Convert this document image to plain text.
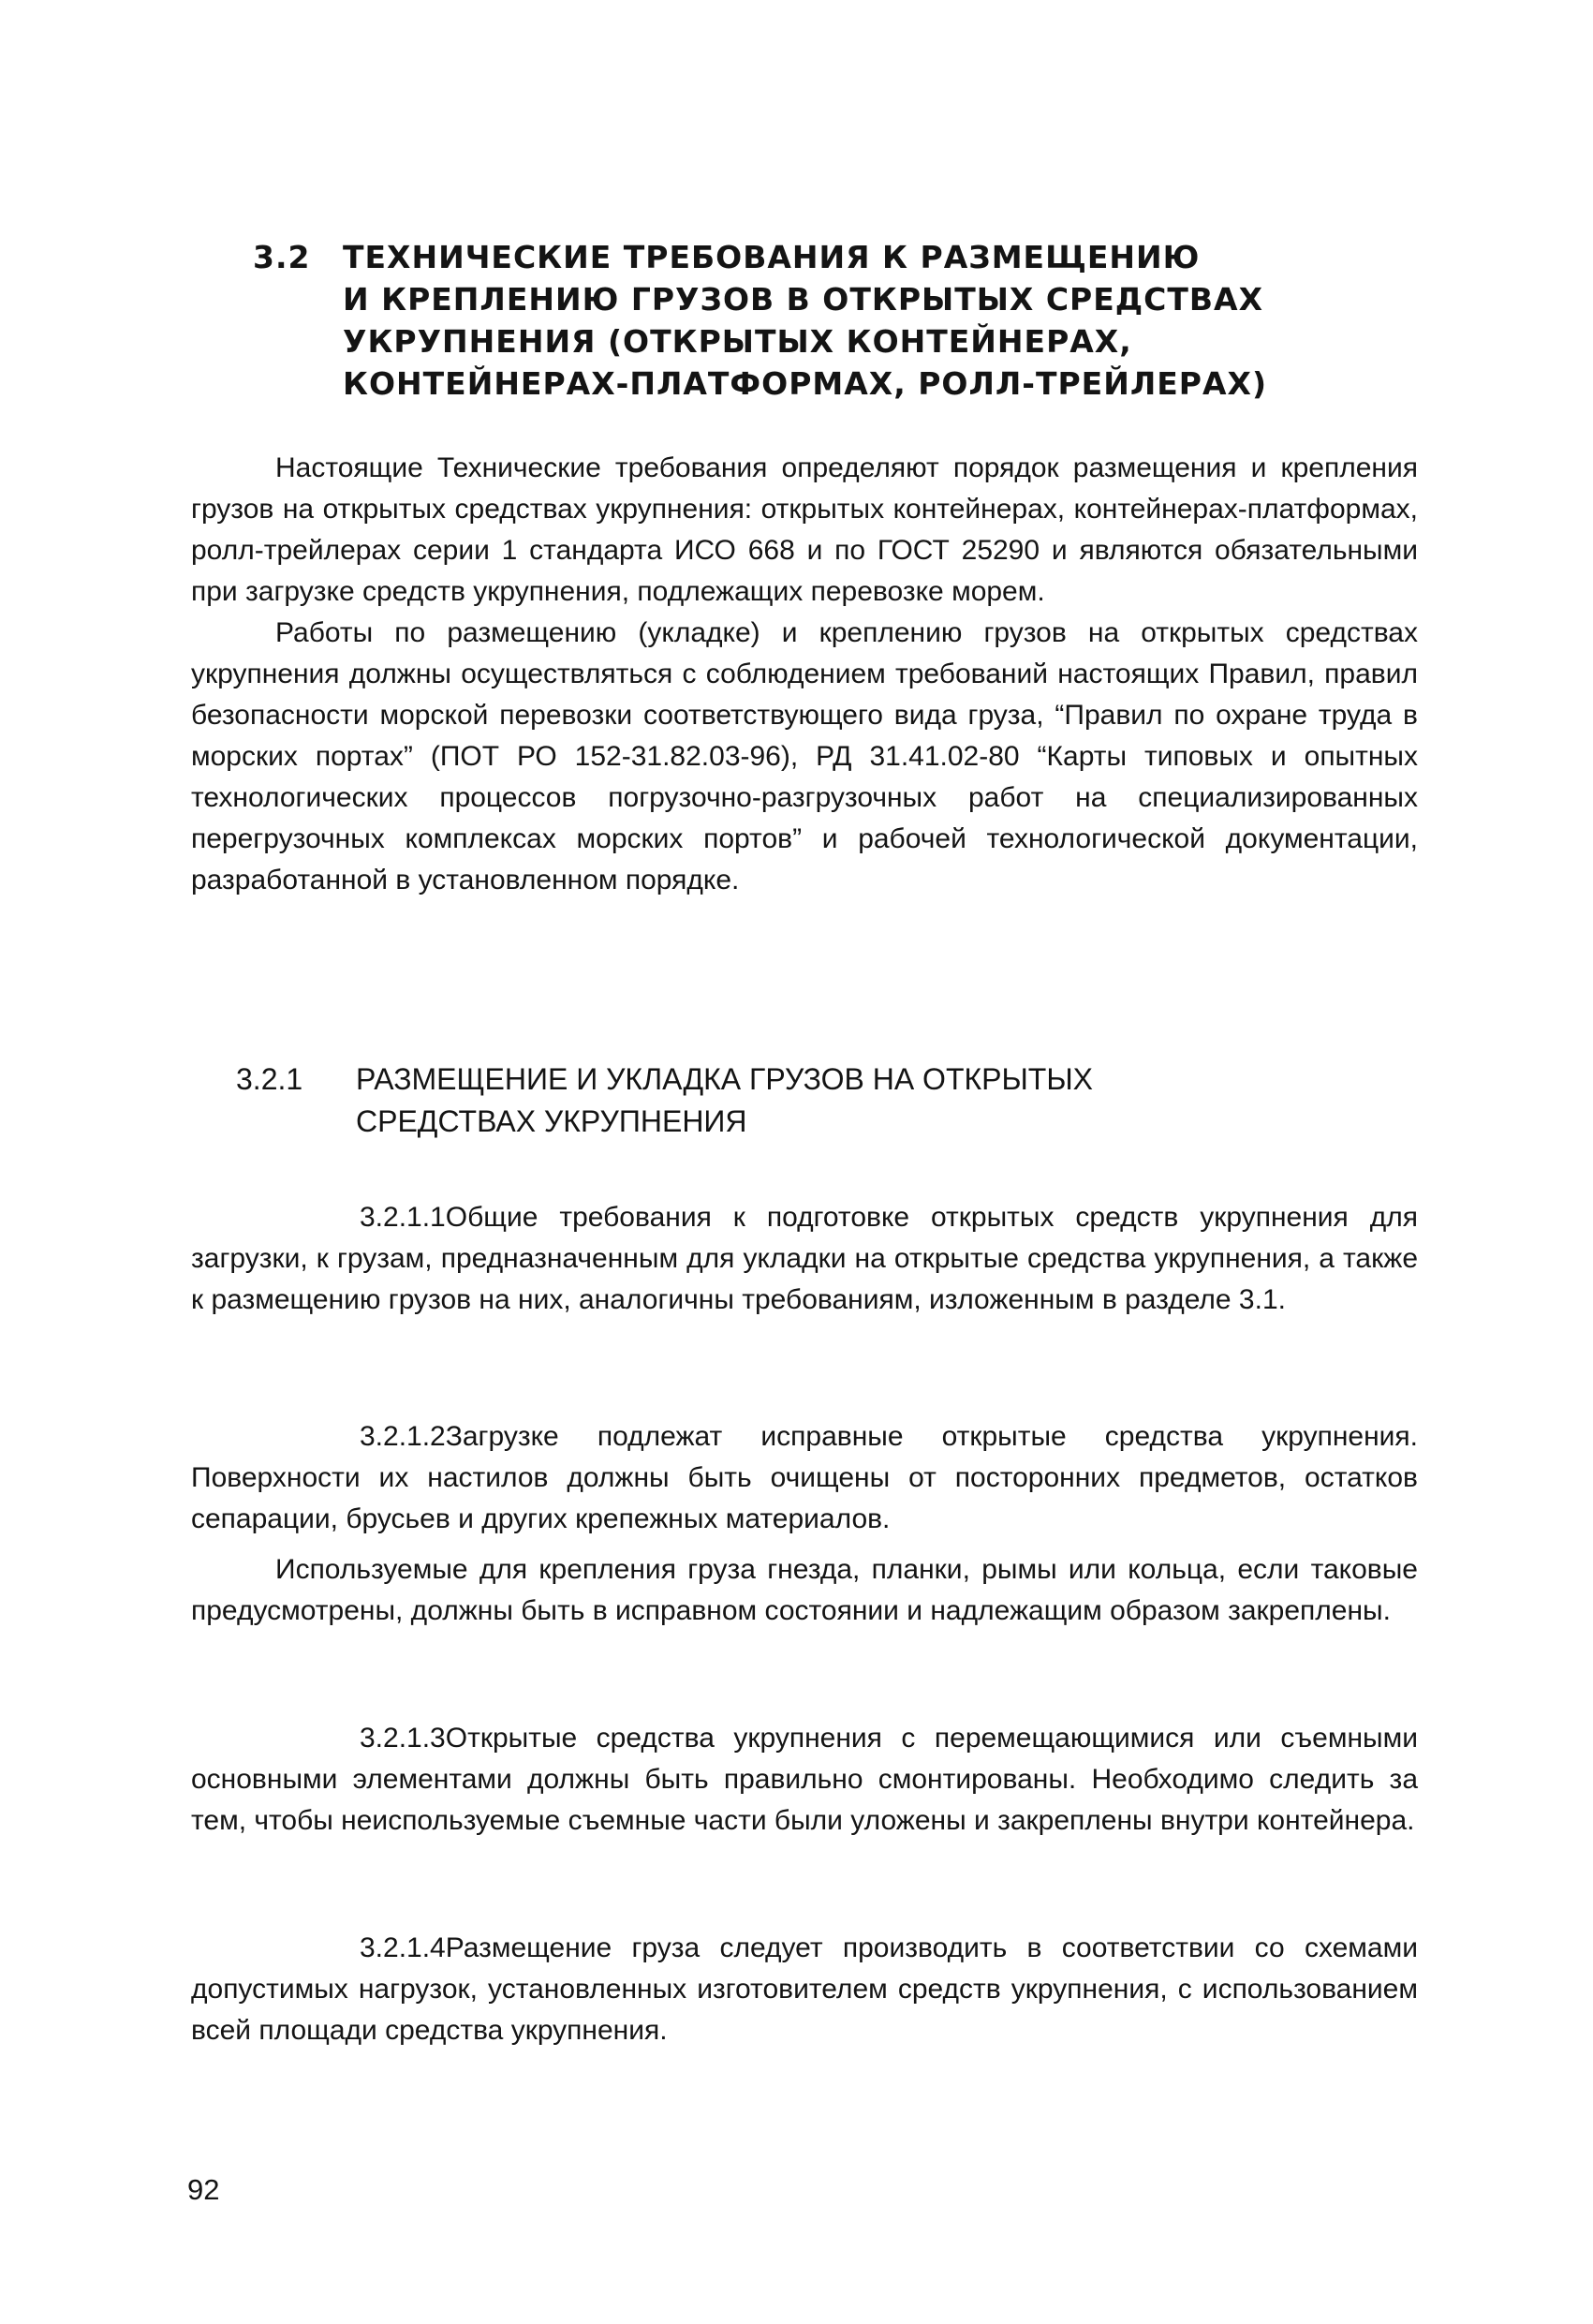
3.2 ТЕХНИЧЕСКИЕ ТРЕБОВАНИЯ К РАЗМЕЩЕНИЮ
И КРЕПЛЕНИЮ ГРУЗОВ В ОТКРЫТЫХ СРЕДСТВАХ
УКРУПНЕНИЯ (ОТКРЫТЫХ КОНТЕЙНЕРАХ,
КОНТЕЙНЕРАХ-ПЛАТФОРМАХ, РОЛЛ-ТРЕЙЛЕРАХ)

Настоящие Технические требования определяют порядок размещения и крепления грузов на открытых средствах укрупнения: открытых контейнерах, контейнерах-платформах, ролл-трейлерах серии 1 стандарта ИСО 668 и по ГОСТ 25290 и являются обязательными при загрузке средств укрупнения, подлежащих перевозке морем.

Работы по размещению (укладке) и креплению грузов на открытых средствах укрупнения должны осуществляться с соблюдением требований настоящих Правил, правил безопасности морской перевозки соответствующего вида груза, “Правил по охране труда в морских портах” (ПОТ РО 152-31.82.03-96), РД 31.41.02-80 “Карты типовых и опытных технологических процессов погрузочно-разгрузочных работ на специализированных перегрузочных комплексах морских портов” и рабочей технологической документации, разработанной в установленном порядке.

3.2.1 РАЗМЕЩЕНИЕ И УКЛАДКА ГРУЗОВ НА ОТКРЫТЫХ
СРЕДСТВАХ УКРУПНЕНИЯ

3.2.1.1Общие требования к подготовке открытых средств укрупнения для загрузки, к грузам, предназначенным для укладки на открытые средства укрупнения, а также к размещению грузов на них, аналогичны требованиям, изложенным в разделе 3.1.

3.2.1.2Загрузке подлежат исправные открытые средства укрупнения. Поверхности их настилов должны быть очищены от посторонних предметов, остатков сепарации, брусьев и других крепежных материалов.

Используемые для крепления груза гнезда, планки, рымы или кольца, если таковые предусмотрены, должны быть в исправном состоянии и надлежащим образом закреплены.

3.2.1.3Открытые средства укрупнения с перемещающимися или съемными основными элементами должны быть правильно смонтированы. Необходимо следить за тем, чтобы неиспользуемые съемные части были уложены и закреплены внутри контейнера.

3.2.1.4Размещение груза следует производить в соответствии со схемами допустимых нагрузок, установленных изготовителем средств укрупнения, с использованием всей площади средства укрупнения.

92
